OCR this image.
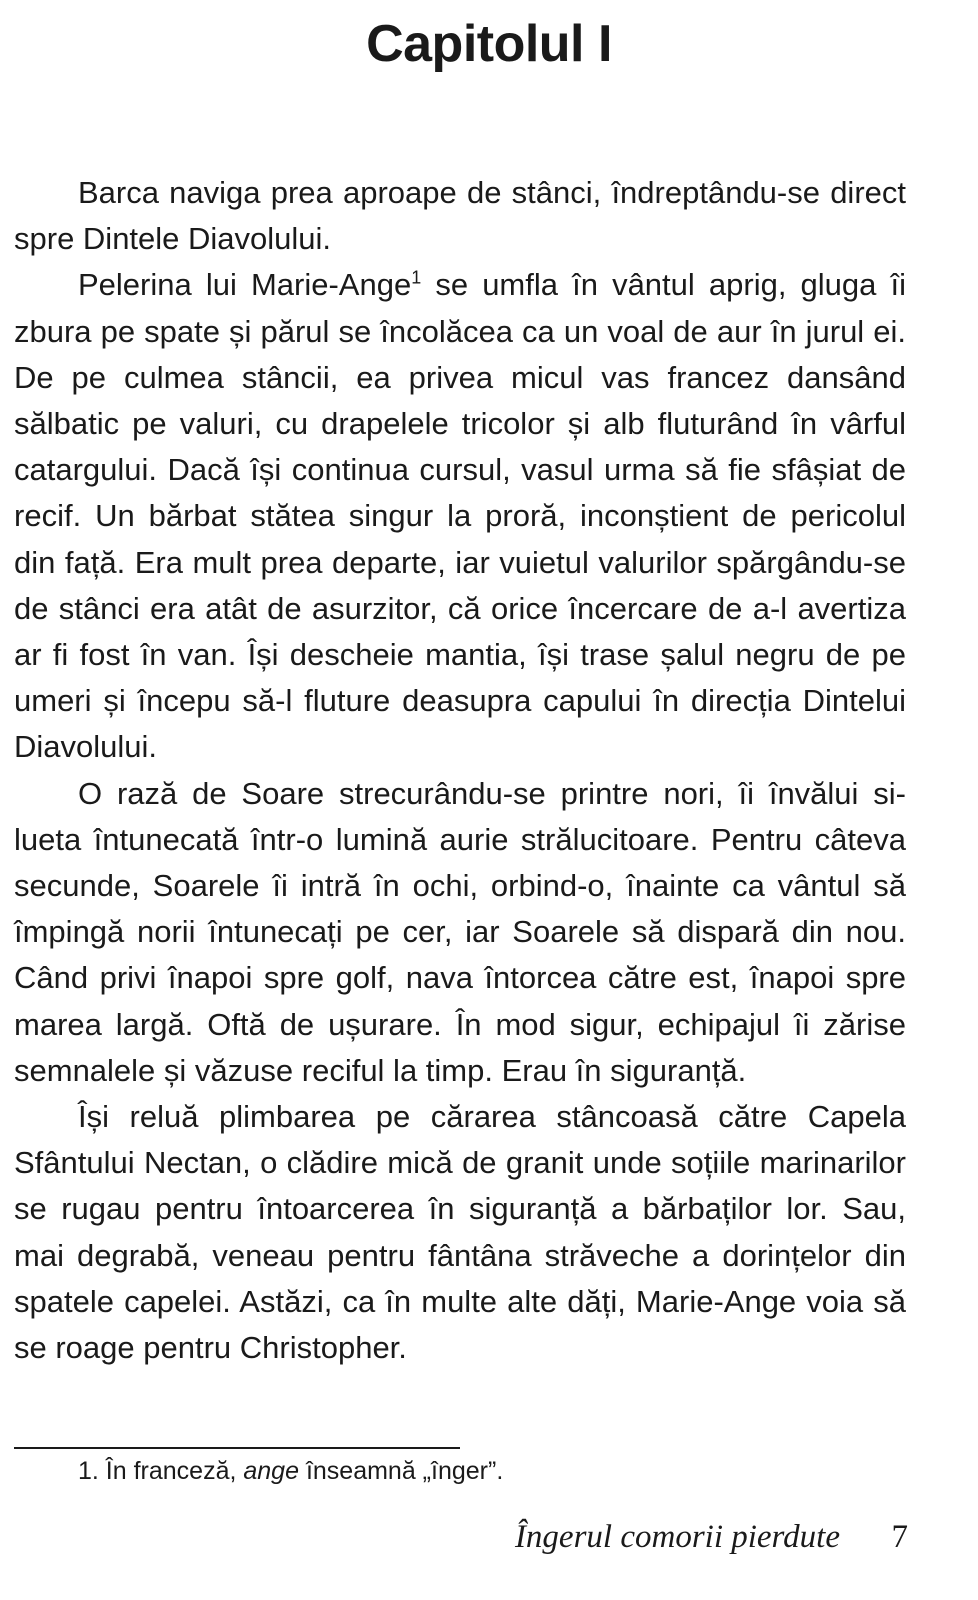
Capitolul I

Barca naviga prea aproape de stânci, îndreptându-se direct spre Dintele Diavolului.

Pelerina lui Marie-Ange$^1$ se umfla în vântul aprig, gluga îi zbura pe spate și părul se încolăcea ca un voal de aur în jurul ei. De pe culmea stâncii, ea privea micul vas francez dansând sălbatic pe valuri, cu drapelele tricolor și alb fluturând în vârful catargului. Dacă își continua cursul, vasul urma să fie sfâșiat de recif. Un bărbat stătea singur la proră, inconștient de pericolul din față. Era mult prea departe, iar vuietul valurilor spărgându-se de stânci era atât de asurzitor, că orice încercare de a-l avertiza ar fi fost în van. Își descheie mantia, își trase șalul negru de pe umeri și începu să-l fluture deasupra capului în direcția Dintelui Diavolului.

O rază de Soare strecurându-se printre nori, îi învălui silueta întunecată într-o lumină aurie strălucitoare. Pentru câteva secunde, Soarele îi intră în ochi, orbind-o, înainte ca vântul să împingă norii întunecați pe cer, iar Soarele să dispară din nou. Când privi înapoi spre golf, nava întorcea către est, înapoi spre marea largă. Oftă de ușurare. În mod sigur, echipajul îi zărise semnalele și văzuse reciful la timp. Erau în siguranță.

Își reluă plimbarea pe cărarea stâncoasă către Capela Sfântului Nectan, o clădire mică de granit unde soțiile marinarilor se rugau pentru întoarcerea în siguranță a bărbaților lor. Sau, mai degrabă, veneau pentru fântâna străveche a dorințelor din spatele capelei. Astăzi, ca în multe alte dăți, Marie-Ange voia să se roage pentru Christopher.

1. În franceză, ange înseamnă „înger”.
Îngerul comorii pierdute	7
